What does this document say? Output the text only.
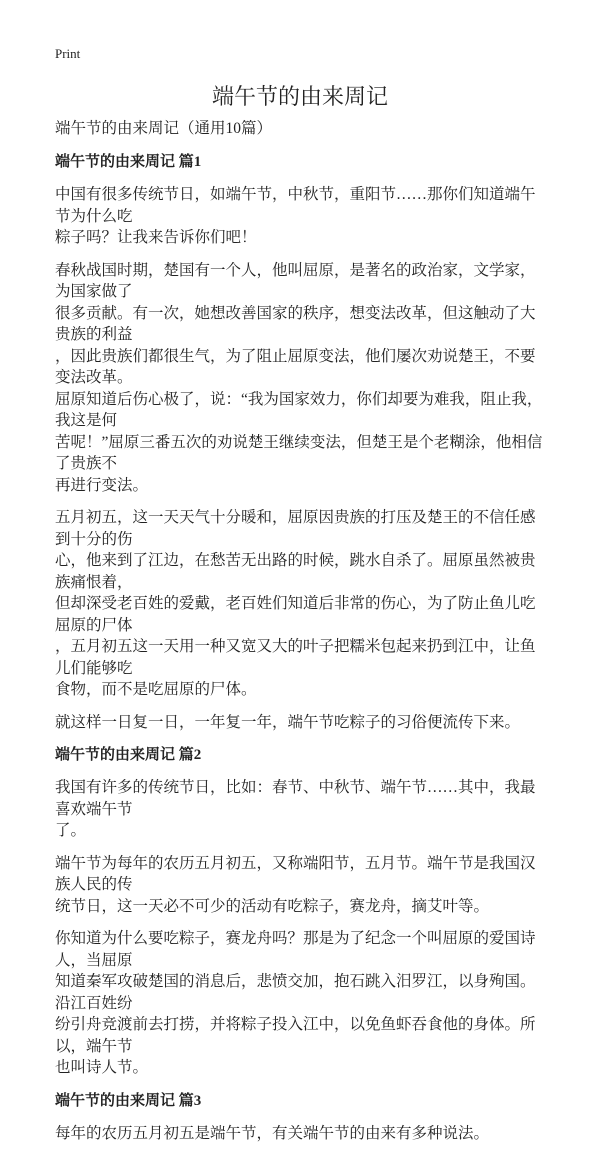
Print
端午节的由来周记
端午节的由来周记（通用10篇）
端午节的由来周记 篇1
中国有很多传统节日，如端午节，中秋节，重阳节……那你们知道端午节为什么吃
粽子吗？让我来告诉你们吧！
春秋战国时期，楚国有一个人，他叫屈原，是著名的政治家，文学家，为国家做了
很多贡献。有一次，她想改善国家的秩序，想变法改革，但这触动了大贵族的利益
，因此贵族们都很生气，为了阻止屈原变法，他们屡次劝说楚王，不要变法改革。
屈原知道后伤心极了，说：“我为国家效力，你们却要为难我，阻止我，我这是何
苦呢！”屈原三番五次的劝说楚王继续变法，但楚王是个老糊涂，他相信了贵族不
再进行变法。
五月初五，这一天天气十分暖和，屈原因贵族的打压及楚王的不信任感到十分的伤
心，他来到了江边，在愁苦无出路的时候，跳水自杀了。屈原虽然被贵族痛恨着，
但却深受老百姓的爱戴，老百姓们知道后非常的伤心，为了防止鱼儿吃屈原的尸体
，五月初五这一天用一种又宽又大的叶子把糯米包起来扔到江中，让鱼儿们能够吃
食物，而不是吃屈原的尸体。
就这样一日复一日，一年复一年，端午节吃粽子的习俗便流传下来。
端午节的由来周记 篇2
我国有许多的传统节日，比如：春节、中秋节、端午节……其中，我最喜欢端午节
了。
端午节为每年的农历五月初五，又称端阳节，五月节。端午节是我国汉族人民的传
统节日，这一天必不可少的活动有吃粽子，赛龙舟，摘艾叶等。
你知道为什么要吃粽子，赛龙舟吗？那是为了纪念一个叫屈原的爱国诗人，当屈原
知道秦军攻破楚国的消息后，悲愤交加，抱石跳入汨罗江，以身殉国。沿江百姓纷
纷引舟竞渡前去打捞，并将粽子投入江中，以免鱼虾吞食他的身体。所以，端午节
也叫诗人节。
端午节的由来周记 篇3
每年的农历五月初五是端午节，有关端午节的由来有多种说法。
